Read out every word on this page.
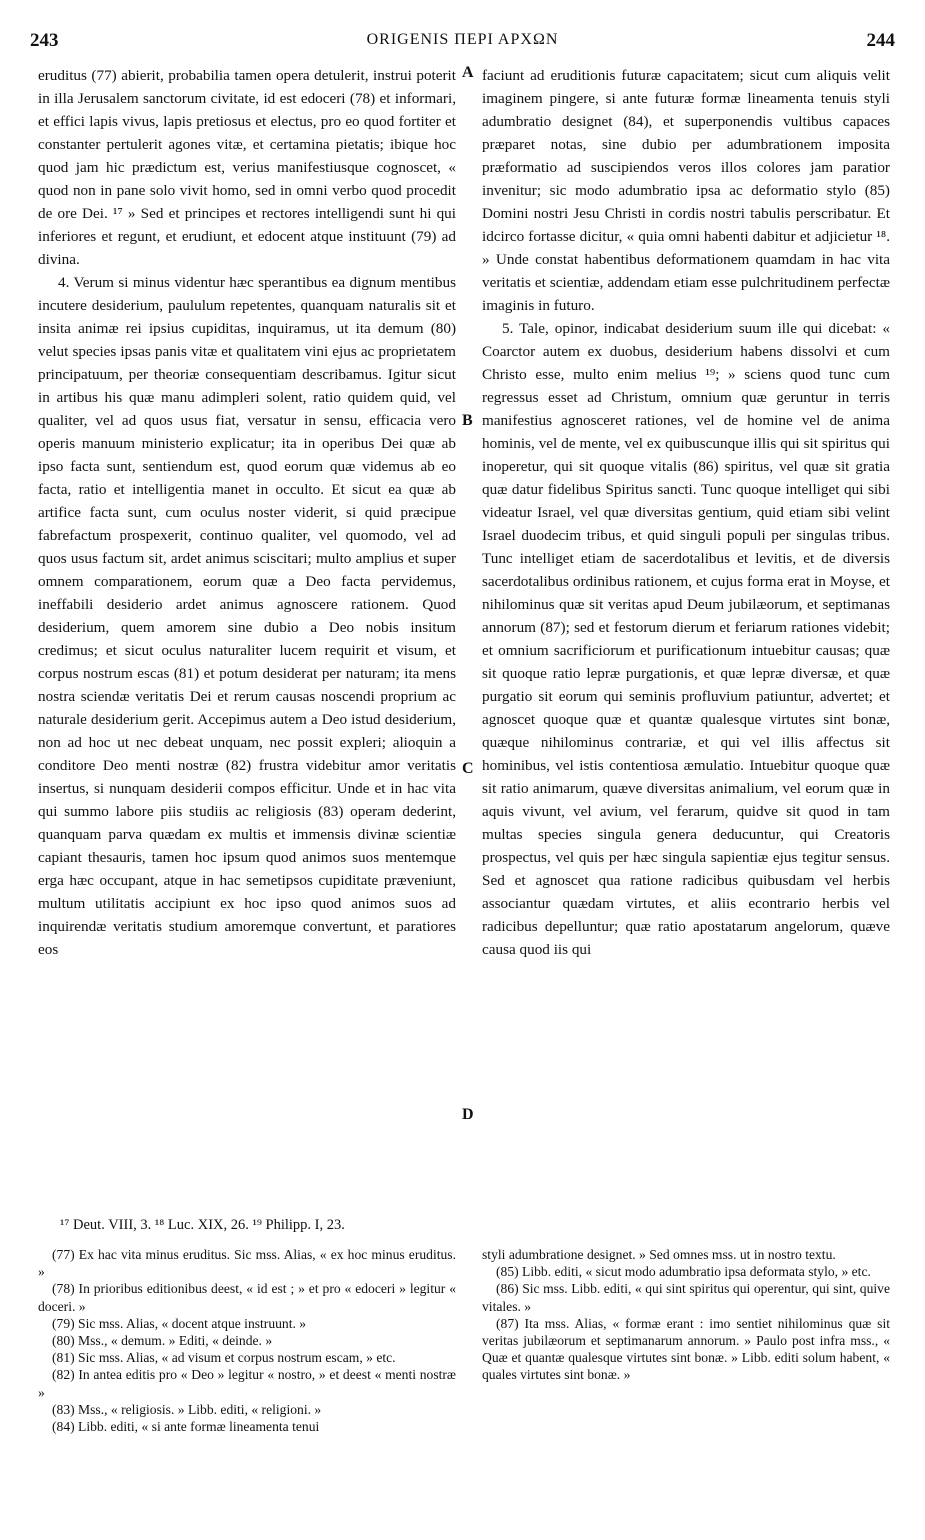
243	ORIGENIS ΠΕΡΙ ΑΡΧΩΝ	244
A
B
C
D

eruditus (77) abierit, probabilia tamen opera detulerit, instrui poterit in illa Jerusalem sanctorum civitate, id est edoceri (78) et informari, et effici lapis vivus, lapis pretiosus et electus, pro eo quod fortiter et constanter pertulerit agones vitæ, et certamina pietatis; ibique hoc quod jam hic prædictum est, verius manifestiusque cognoscet, « quod non in pane solo vivit homo, sed in omni verbo quod procedit de ore Dei. ¹⁷ » Sed et principes et rectores intelligendi sunt hi qui inferiores et regunt, et erudiunt, et edocent atque instituunt (79) ad divina.

4. Verum si minus videntur hæc sperantibus ea dignum mentibus incutere desiderium, paululum repetentes, quanquam naturalis sit et insita animæ rei ipsius cupiditas, inquiramus, ut ita demum (80) velut species ipsas panis vitæ et qualitatem vini ejus ac proprietatem principatuum, per theoriæ consequentiam describamus. Igitur sicut in artibus his quæ manu adimpleri solent, ratio quidem quid, vel qualiter, vel ad quos usus fiat, versatur in sensu, efficacia vero operis manuum ministerio explicatur; ita in operibus Dei quæ ab ipso facta sunt, sentiendum est, quod eorum quæ videmus ab eo facta, ratio et intelligentia manet in occulto. Et sicut ea quæ ab artifice facta sunt, cum oculus noster viderit, si quid præcipue fabrefactum prospexerit, continuo qualiter, vel quomodo, vel ad quos usus factum sit, ardet animus sciscitari; multo amplius et super omnem comparationem, eorum quæ a Deo facta pervidemus, ineffabili desiderio ardet animus agnoscere rationem. Quod desiderium, quem amorem sine dubio a Deo nobis insitum credimus; et sicut oculus naturaliter lucem requirit et visum, et corpus nostrum escas (81) et potum desiderat per naturam; ita mens nostra sciendæ veritatis Dei et rerum causas noscendi proprium ac naturale desiderium gerit. Accepimus autem a Deo istud desiderium, non ad hoc ut nec debeat unquam, nec possit expleri; alioquin a conditore Deo menti nostræ (82) frustra videbitur amor veritatis insertus, si nunquam desiderii compos efficitur. Unde et in hac vita qui summo labore piis studiis ac religiosis (83) operam dederint, quanquam parva quædam ex multis et immensis divinæ scientiæ capiant thesauris, tamen hoc ipsum quod animos suos mentemque erga hæc occupant, atque in hac semetipsos cupiditate præveniunt, multum utilitatis accipiunt ex hoc ipso quod animos suos ad inquirendæ veritatis studium amoremque convertunt, et paratiores eos

faciunt ad eruditionis futuræ capacitatem; sicut cum aliquis velit imaginem pingere, si ante futuræ formæ lineamenta tenuis styli adumbratio designet (84), et superponendis vultibus capaces præparet notas, sine dubio per adumbrationem imposita præformatio ad suscipiendos veros illos colores jam paratior invenitur; sic modo adumbratio ipsa ac deformatio stylo (85) Domini nostri Jesu Christi in cordis nostri tabulis perscribatur. Et idcirco fortasse dicitur, « quia omni habenti dabitur et adjicietur ¹⁸. » Unde constat habentibus deformationem quamdam in hac vita veritatis et scientiæ, addendam etiam esse pulchritudinem perfectæ imaginis in futuro.

5. Tale, opinor, indicabat desiderium suum ille qui dicebat: « Coarctor autem ex duobus, desiderium habens dissolvi et cum Christo esse, multo enim melius ¹⁹; » sciens quod tunc cum regressus esset ad Christum, omnium quæ geruntur in terris manifestius agnosceret rationes, vel de homine vel de anima hominis, vel de mente, vel ex quibuscunque illis qui sit spiritus qui inoperetur, qui sit quoque vitalis (86) spiritus, vel quæ sit gratia quæ datur fidelibus Spiritus sancti. Tunc quoque intelliget qui sibi videatur Israel, vel quæ diversitas gentium, quid etiam sibi velint Israel duodecim tribus, et quid singuli populi per singulas tribus. Tunc intelliget etiam de sacerdotalibus et levitis, et de diversis sacerdotalibus ordinibus rationem, et cujus forma erat in Moyse, et nihilominus quæ sit veritas apud Deum jubilæorum, et septimanas annorum (87); sed et festorum dierum et feriarum rationes videbit; et omnium sacrificiorum et purificationum intuebitur causas; quæ sit quoque ratio lepræ purgationis, et quæ lepræ diversæ, et quæ purgatio sit eorum qui seminis profluvium patiuntur, advertet; et agnoscet quoque quæ et quantæ qualesque virtutes sint bonæ, quæque nihilominus contrariæ, et qui vel illis affectus sit hominibus, vel istis contentiosa æmulatio. Intuebitur quoque quæ sit ratio animarum, quæve diversitas animalium, vel eorum quæ in aquis vivunt, vel avium, vel ferarum, quidve sit quod in tam multas species singula genera deducuntur, qui Creatoris prospectus, vel quis per hæc singula sapientiæ ejus tegitur sensus. Sed et agnoscet qua ratione radicibus quibusdam vel herbis associantur quædam virtutes, et aliis econtrario herbis vel radicibus depelluntur; quæ ratio apostatarum angelorum, quæve causa quod iis qui

¹⁷ Deut. VIII, 3. ¹⁸ Luc. XIX, 26. ¹⁹ Philipp. I, 23.

(77) Ex hac vita minus eruditus. Sic mss. Alias, « ex hoc minus eruditus. »

(78) In prioribus editionibus deest, « id est ; » et pro « edoceri » legitur « doceri. »

(79) Sic mss. Alias, « docent atque instruunt. »

(80) Mss., « demum. » Editi, « deinde. »

(81) Sic mss. Alias, « ad visum et corpus nostrum escam, » etc.

(82) In antea editis pro « Deo » legitur « nostro, » et deest « menti nostræ »

(83) Mss., « religiosis. » Libb. editi, « religioni. »

(84) Libb. editi, « si ante formæ lineamenta tenui

styli adumbratione designet. » Sed omnes mss. ut in nostro textu.

(85) Libb. editi, « sicut modo adumbratio ipsa deformata stylo, » etc.

(86) Sic mss. Libb. editi, « qui sint spiritus qui operentur, qui sint, quive vitales. »

(87) Ita mss. Alias, « formæ erant : imo sentiet nihilominus quæ sit veritas jubilæorum et septimanarum annorum. » Paulo post infra mss., « Quæ et quantæ qualesque virtutes sint bonæ. » Libb. editi solum habent, « quales virtutes sint bonæ. »
